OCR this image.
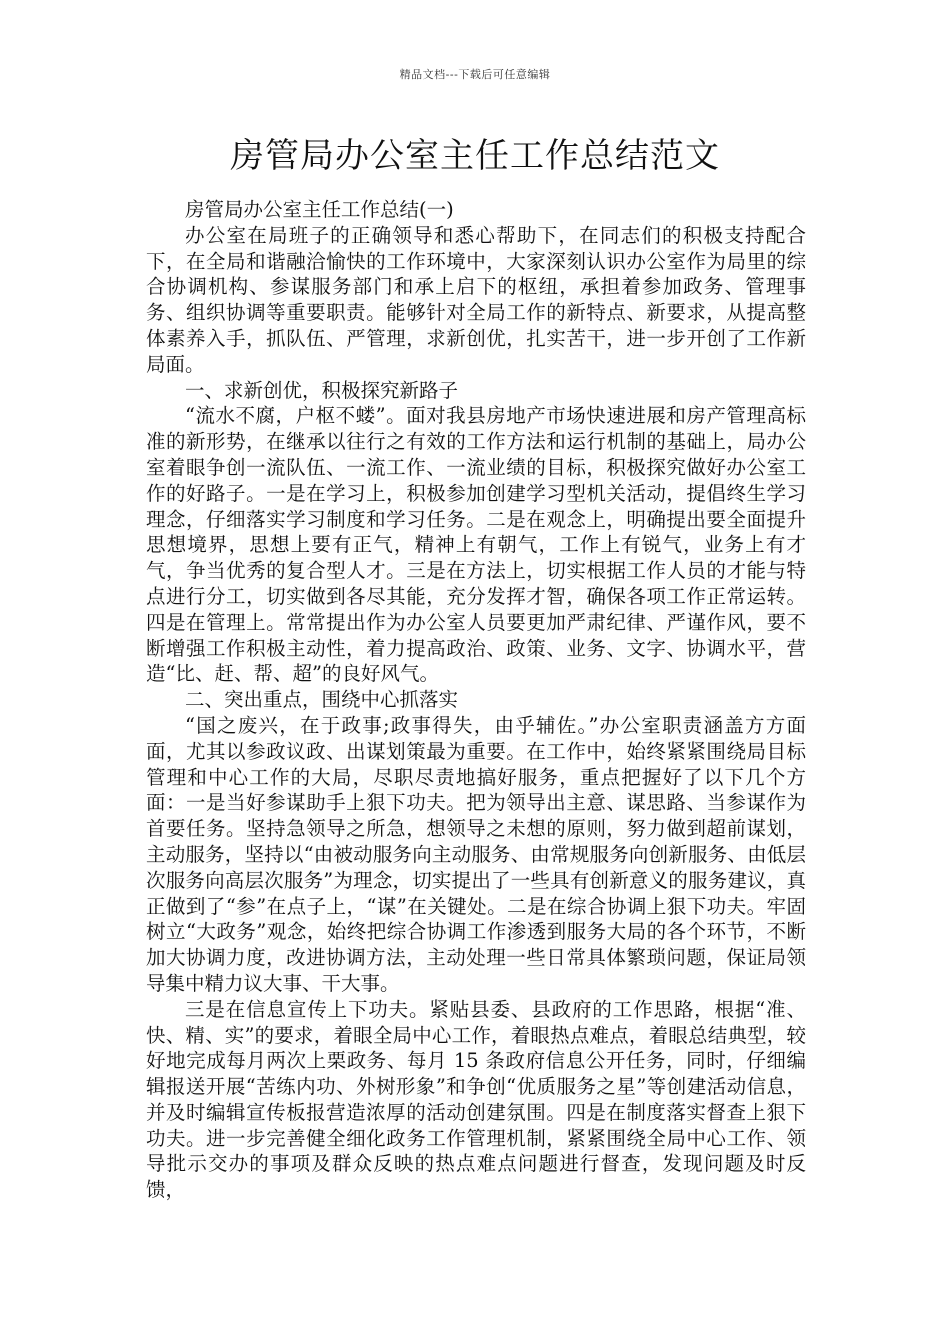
精品文档---下载后可任意编辑
房管局办公室主任工作总结范文

房管局办公室主任工作总结(一)

办公室在局班子的正确领导和悉心帮助下，在同志们的积极支持配合下，在全局和谐融洽愉快的工作环境中，大家深刻认识办公室作为局里的综合协调机构、参谋服务部门和承上启下的枢纽，承担着参加政务、管理事务、组织协调等重要职责。能够针对全局工作的新特点、新要求，从提高整体素养入手，抓队伍、严管理，求新创优，扎实苦干，进一步开创了工作新局面。

一、求新创优，积极探究新路子

“流水不腐，户枢不蝼”。面对我县房地产市场快速进展和房产管理高标准的新形势，在继承以往行之有效的工作方法和运行机制的基础上，局办公室着眼争创一流队伍、一流工作、一流业绩的目标，积极探究做好办公室工作的好路子。一是在学习上，积极参加创建学习型机关活动，提倡终生学习理念，仔细落实学习制度和学习任务。二是在观念上，明确提出要全面提升思想境界，思想上要有正气，精神上有朝气，工作上有锐气，业务上有才气，争当优秀的复合型人才。三是在方法上，切实根据工作人员的才能与特点进行分工，切实做到各尽其能，充分发挥才智，确保各项工作正常运转。四是在管理上。常常提出作为办公室人员要更加严肃纪律、严谨作风，要不断增强工作积极主动性，着力提高政治、政策、业务、文字、协调水平，营造“比、赶、帮、超”的良好风气。

二、突出重点，围绕中心抓落实

“国之废兴，在于政事;政事得失，由乎辅佐。”办公室职责涵盖方方面面，尤其以参政议政、出谋划策最为重要。在工作中，始终紧紧围绕局目标管理和中心工作的大局，尽职尽责地搞好服务，重点把握好了以下几个方面：一是当好参谋助手上狠下功夫。把为领导出主意、谋思路、当参谋作为首要任务。坚持急领导之所急，想领导之未想的原则，努力做到超前谋划，主动服务，坚持以“由被动服务向主动服务、由常规服务向创新服务、由低层次服务向高层次服务”为理念，切实提出了一些具有创新意义的服务建议，真正做到了“参”在点子上，“谋”在关键处。二是在综合协调上狠下功夫。牢固树立“大政务”观念，始终把综合协调工作渗透到服务大局的各个环节，不断加大协调力度，改进协调方法，主动处理一些日常具体繁琐问题，保证局领导集中精力议大事、干大事。

三是在信息宣传上下功夫。紧贴县委、县政府的工作思路，根据“准、快、精、实”的要求，着眼全局中心工作，着眼热点难点，着眼总结典型，较好地完成每月两次上栗政务、每月 15 条政府信息公开任务，同时，仔细编辑报送开展“苦练内功、外树形象”和争创“优质服务之星”等创建活动信息，并及时编辑宣传板报营造浓厚的活动创建氛围。四是在制度落实督查上狠下功夫。进一步完善健全细化政务工作管理机制，紧紧围绕全局中心工作、领导批示交办的事项及群众反映的热点难点问题进行督查，发现问题及时反馈，
